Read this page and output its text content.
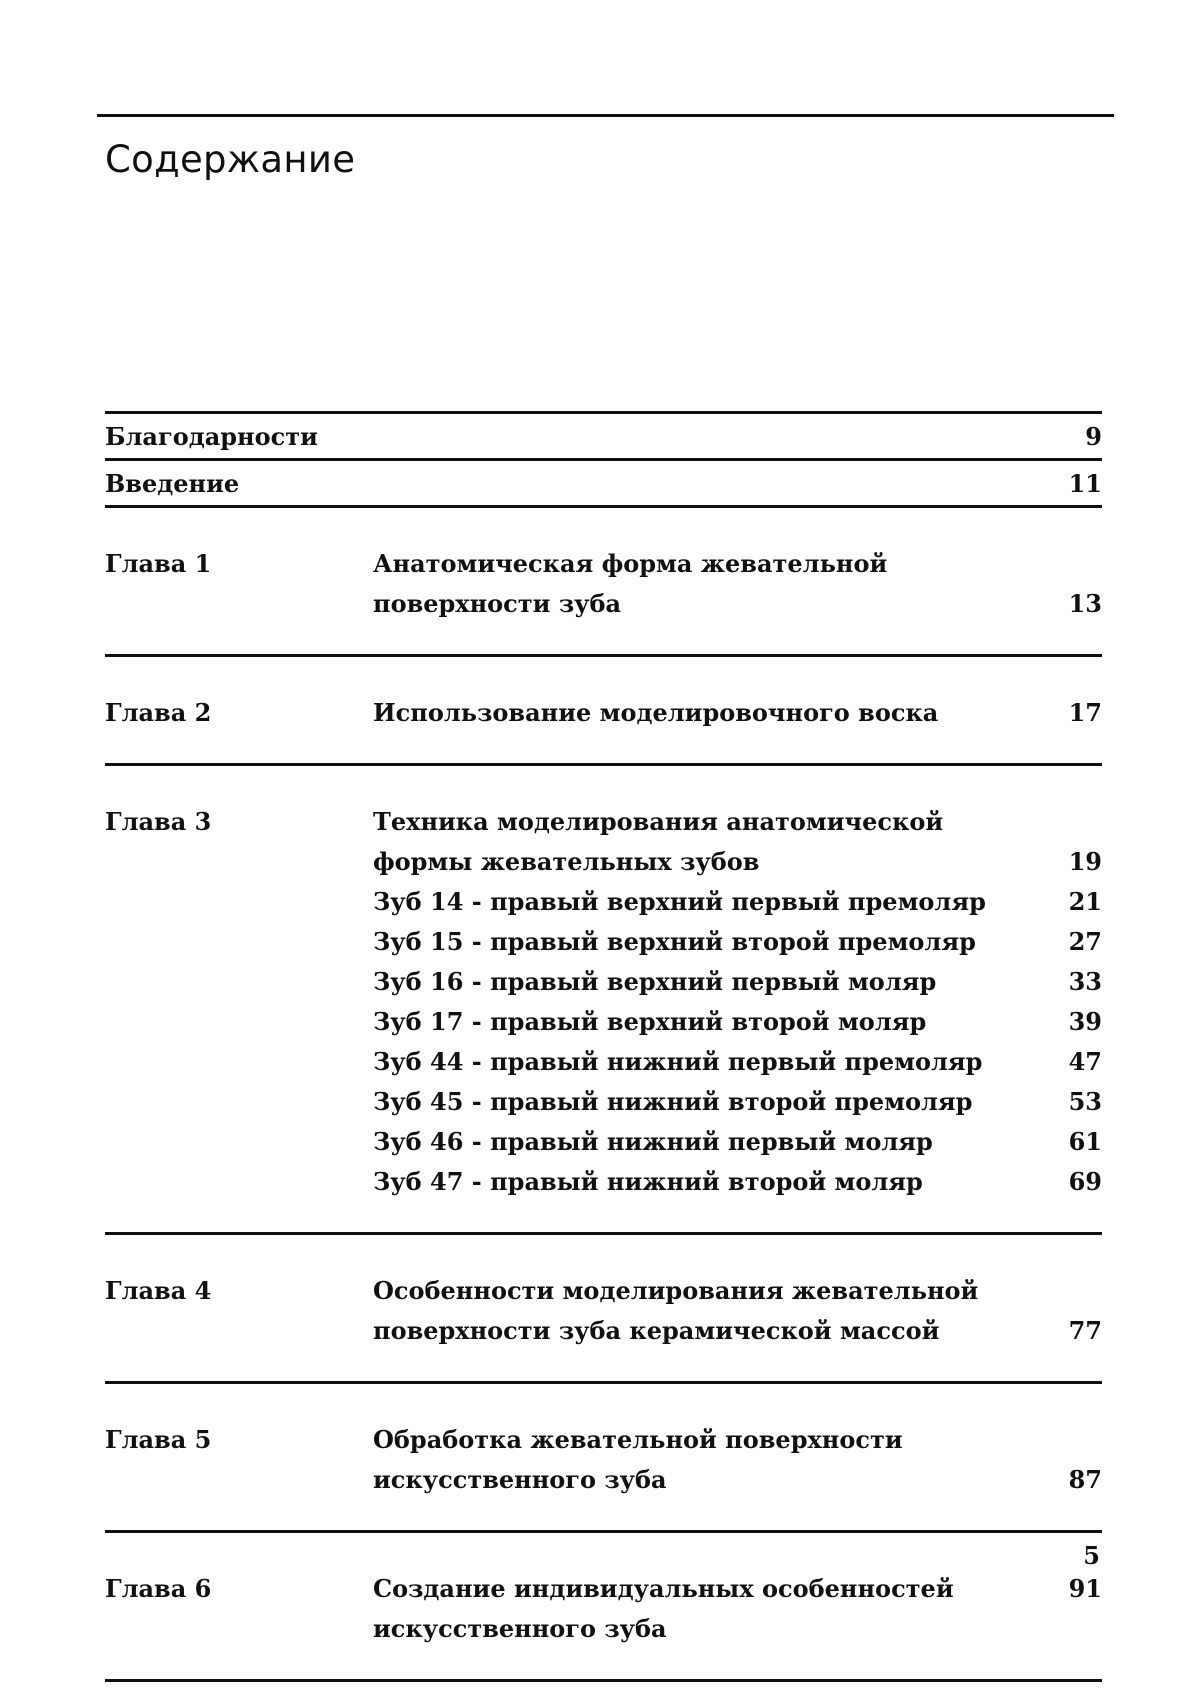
Содержание
Благодарности	9
Введение	11
Глава 1	Анатомическая форма жевательной
поверхности зуба	13
Глава 2	Использование моделировочного воска	17
Глава 3	Техника моделирования анатомической
формы жевательных зубов	19
Зуб 14 - правый верхний первый премоляр	21
Зуб 15 - правый верхний второй премоляр	27
Зуб 16 - правый верхний первый моляр	33
Зуб 17 - правый верхний второй моляр	39
Зуб 44 - правый нижний первый премоляр	47
Зуб 45 - правый нижний второй премоляр	53
Зуб 46 - правый нижний первый моляр	61
Зуб 47 - правый нижний второй моляр	69
Глава 4	Особенности моделирования жевательной
поверхности зуба керамической массой	77
Глава 5	Обработка жевательной поверхности
искусственного зуба	87
Глава 6	Создание индивидуальных особенностей	91
искусственного зуба
5
